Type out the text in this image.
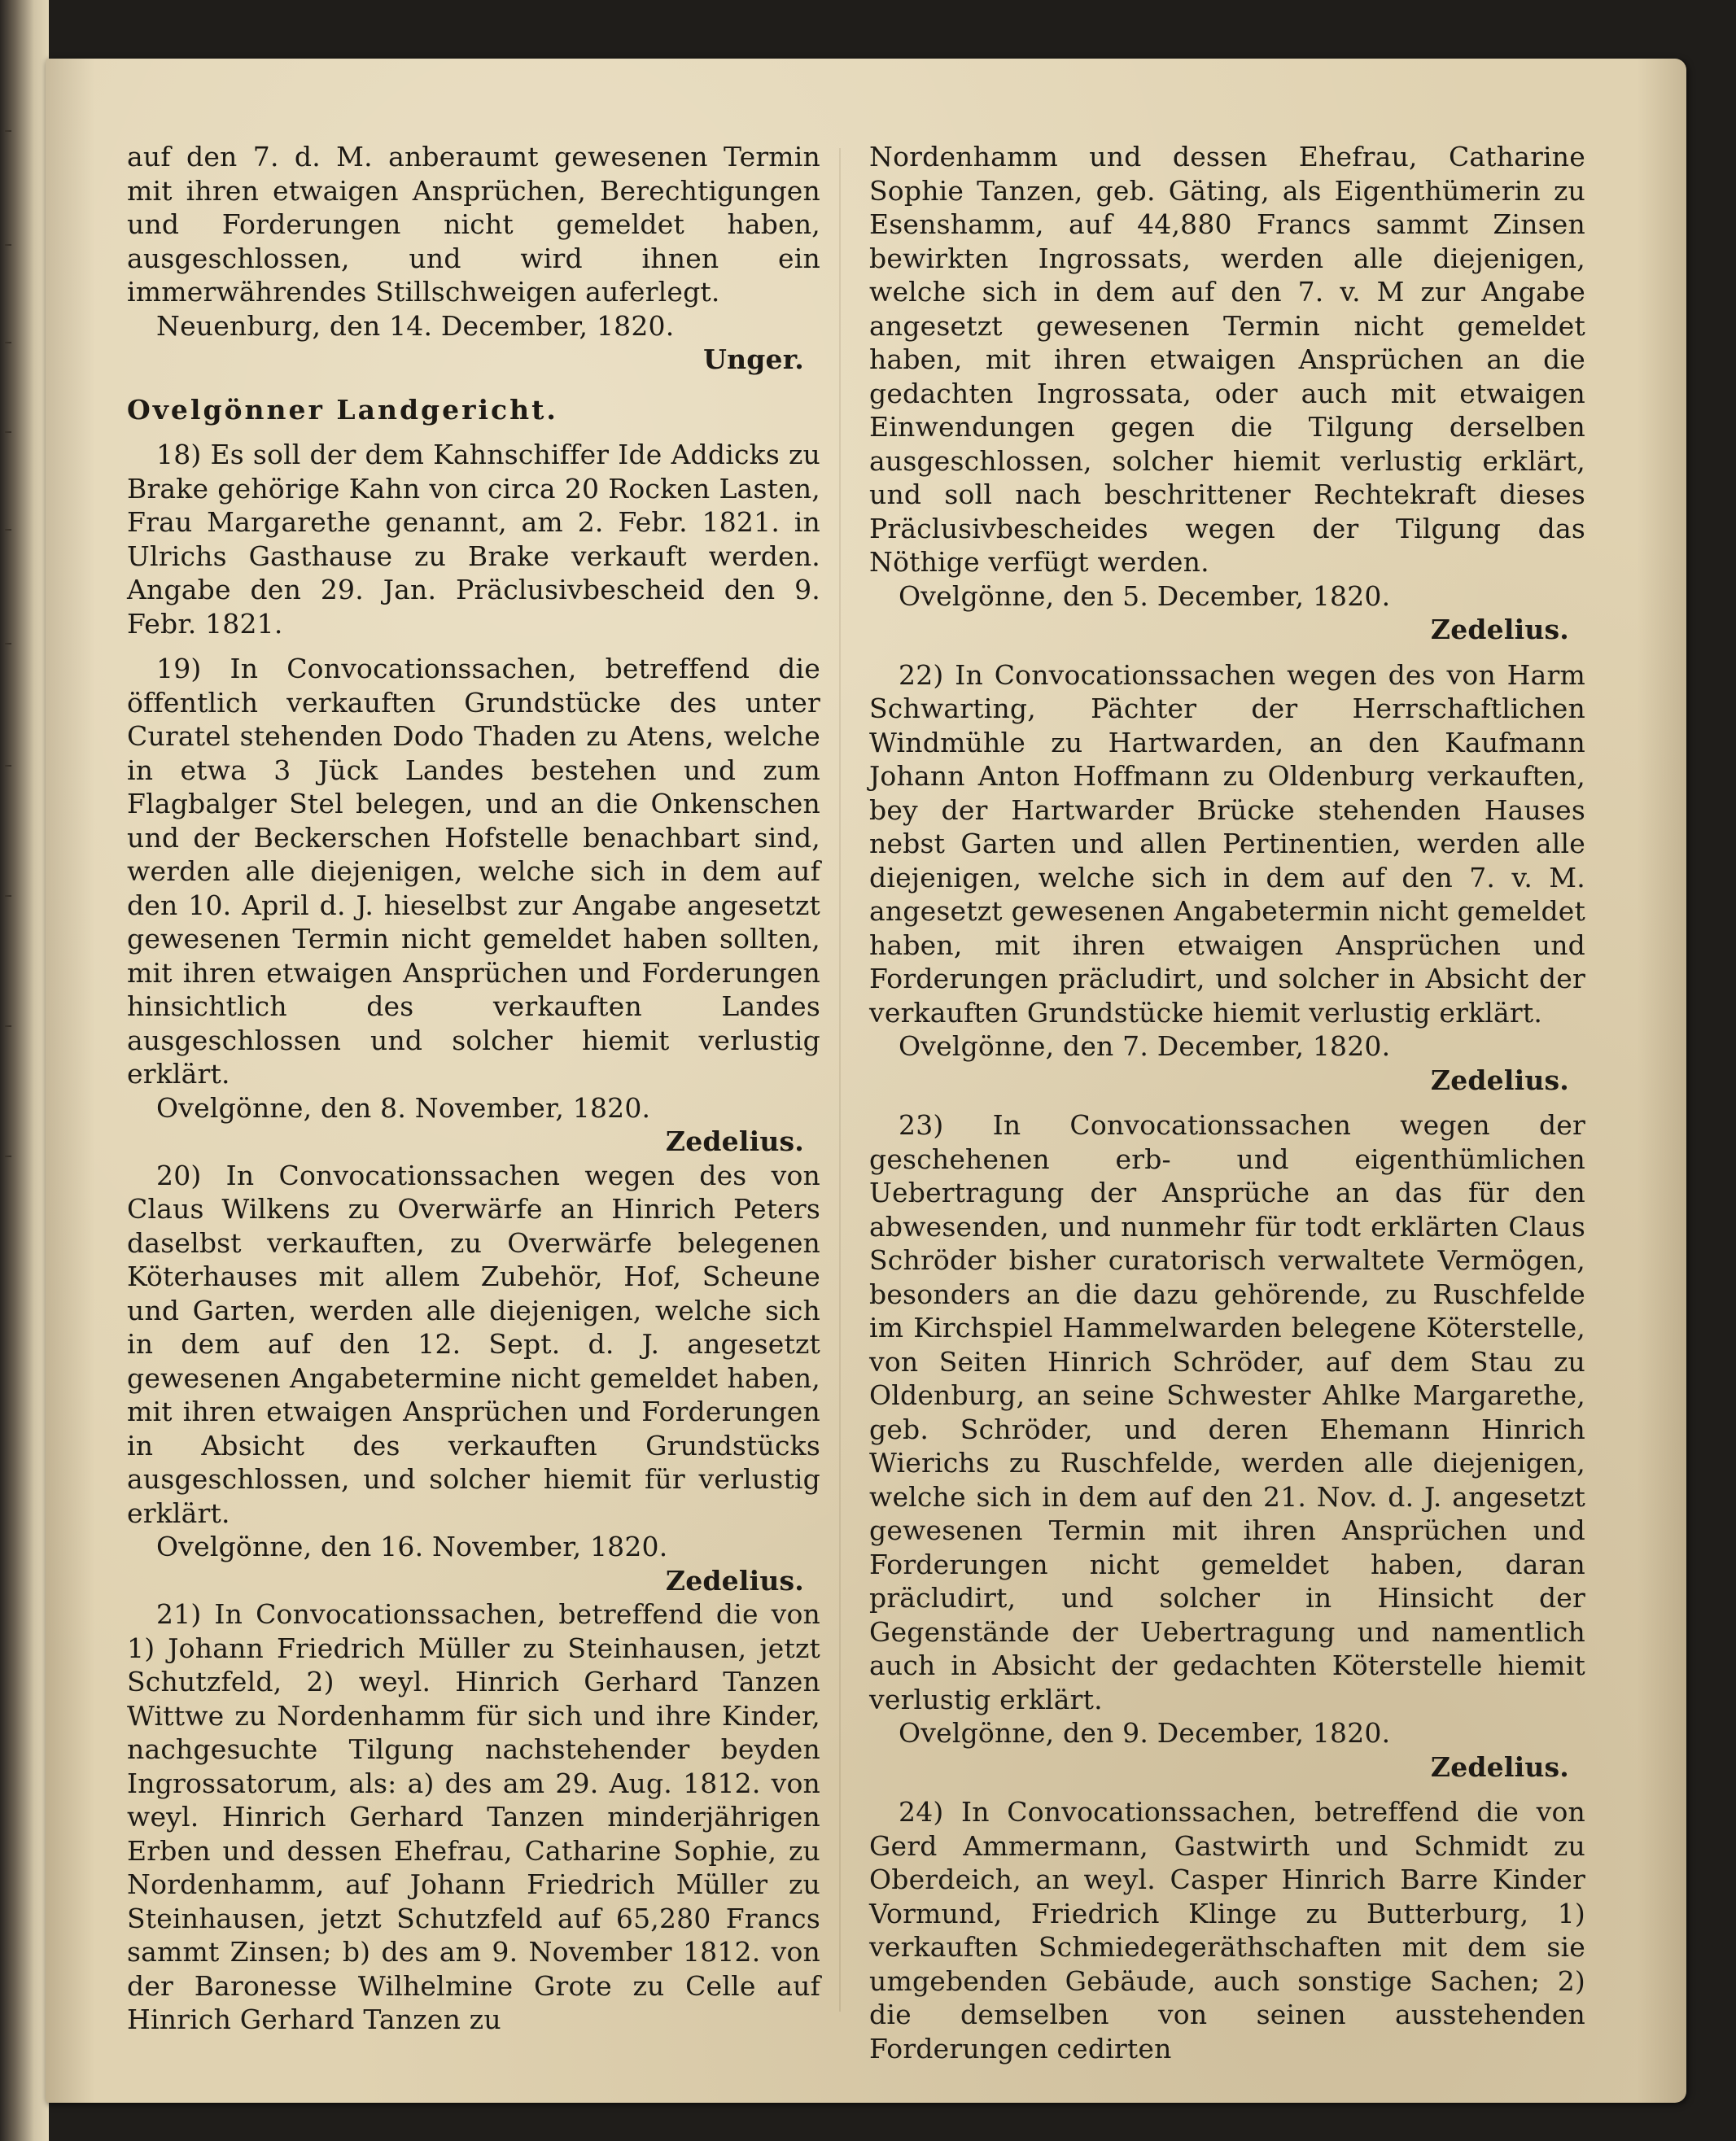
auf den 7. d. M. anberaumt gewesenen Termin mit ihren etwaigen Ansprüchen, Berechtigungen und Forderungen nicht gemeldet haben, ausgeschlossen, und wird ihnen ein immerwährendes Stillschweigen auferlegt.
Neuenburg, den 14. December, 1820.
Unger.
Ovelgönner Landgericht.
18) Es soll der dem Kahnschiffer Ide Addicks zu Brake gehörige Kahn von circa 20 Rocken Lasten, Frau Margarethe genannt, am 2. Febr. 1821. in Ulrichs Gasthause zu Brake verkauft werden. Angabe den 29. Jan. Präclusivbescheid den 9. Febr. 1821.
19) In Convocationssachen, betreffend die öffentlich verkauften Grundstücke des unter Curatel stehenden Dodo Thaden zu Atens, welche in etwa 3 Jück Landes bestehen und zum Flagbalger Stel belegen, und an die Onkenschen und der Beckerschen Hofstelle benachbart sind, werden alle diejenigen, welche sich in dem auf den 10. April d. J. hieselbst zur Angabe angesetzt gewesenen Termin nicht gemeldet haben sollten, mit ihren etwaigen Ansprüchen und Forderungen hinsichtlich des verkauften Landes ausgeschlossen und solcher hiemit verlustig erklärt.
Ovelgönne, den 8. November, 1820.
Zedelius.
20) In Convocationssachen wegen des von Claus Wilkens zu Overwärfe an Hinrich Peters daselbst verkauften, zu Overwärfe belegenen Köterhauses mit allem Zubehör, Hof, Scheune und Garten, werden alle diejenigen, welche sich in dem auf den 12. Sept. d. J. angesetzt gewesenen Angabetermine nicht gemeldet haben, mit ihren etwaigen Ansprüchen und Forderungen in Absicht des verkauften Grundstücks ausgeschlossen, und solcher hiemit für verlustig erklärt.
Ovelgönne, den 16. November, 1820.
Zedelius.
21) In Convocationssachen, betreffend die von 1) Johann Friedrich Müller zu Steinhausen, jetzt Schutzfeld, 2) weyl. Hinrich Gerhard Tanzen Wittwe zu Nordenhamm für sich und ihre Kinder, nachgesuchte Tilgung nachstehender beyden Ingrossatorum, als: a) des am 29. Aug. 1812. von weyl. Hinrich Gerhard Tanzen minderjährigen Erben und dessen Ehefrau, Catharine Sophie, zu Nordenhamm, auf Johann Friedrich Müller zu Steinhausen, jetzt Schutzfeld auf 65,280 Francs sammt Zinsen; b) des am 9. November 1812. von der Baronesse Wilhelmine Grote zu Celle auf Hinrich Gerhard Tanzen zu
Nordenhamm und dessen Ehefrau, Catharine Sophie Tanzen, geb. Gäting, als Eigenthümerin zu Esenshamm, auf 44,880 Francs sammt Zinsen bewirkten Ingrossats, werden alle diejenigen, welche sich in dem auf den 7. v. M zur Angabe angesetzt gewesenen Termin nicht gemeldet haben, mit ihren etwaigen Ansprüchen an die gedachten Ingrossata, oder auch mit etwaigen Einwendungen gegen die Tilgung derselben ausgeschlossen, solcher hiemit verlustig erklärt, und soll nach beschrittener Rechtekraft dieses Präclusivbescheides wegen der Tilgung das Nöthige verfügt werden.
Ovelgönne, den 5. December, 1820.
Zedelius.
22) In Convocationssachen wegen des von Harm Schwarting, Pächter der Herrschaftlichen Windmühle zu Hartwarden, an den Kaufmann Johann Anton Hoffmann zu Oldenburg verkauften, bey der Hartwarder Brücke stehenden Hauses nebst Garten und allen Pertinentien, werden alle diejenigen, welche sich in dem auf den 7. v. M. angesetzt gewesenen Angabetermin nicht gemeldet haben, mit ihren etwaigen Ansprüchen und Forderungen präcludirt, und solcher in Absicht der verkauften Grundstücke hiemit verlustig erklärt.
Ovelgönne, den 7. December, 1820.
Zedelius.
23) In Convocationssachen wegen der geschehenen erb- und eigenthümlichen Uebertragung der Ansprüche an das für den abwesenden, und nunmehr für todt erklärten Claus Schröder bisher curatorisch verwaltete Vermögen, besonders an die dazu gehörende, zu Ruschfelde im Kirchspiel Hammelwarden belegene Köterstelle, von Seiten Hinrich Schröder, auf dem Stau zu Oldenburg, an seine Schwester Ahlke Margarethe, geb. Schröder, und deren Ehemann Hinrich Wierichs zu Ruschfelde, werden alle diejenigen, welche sich in dem auf den 21. Nov. d. J. angesetzt gewesenen Termin mit ihren Ansprüchen und Forderungen nicht gemeldet haben, daran präcludirt, und solcher in Hinsicht der Gegenstände der Uebertragung und namentlich auch in Absicht der gedachten Köterstelle hiemit verlustig erklärt.
Ovelgönne, den 9. December, 1820.
Zedelius.
24) In Convocationssachen, betreffend die von Gerd Ammermann, Gastwirth und Schmidt zu Oberdeich, an weyl. Casper Hinrich Barre Kinder Vormund, Friedrich Klinge zu Butterburg, 1) verkauften Schmiedegeräthschaften mit dem sie umgebenden Gebäude, auch sonstige Sachen; 2) die demselben von seinen ausstehenden Forderungen cedirten
